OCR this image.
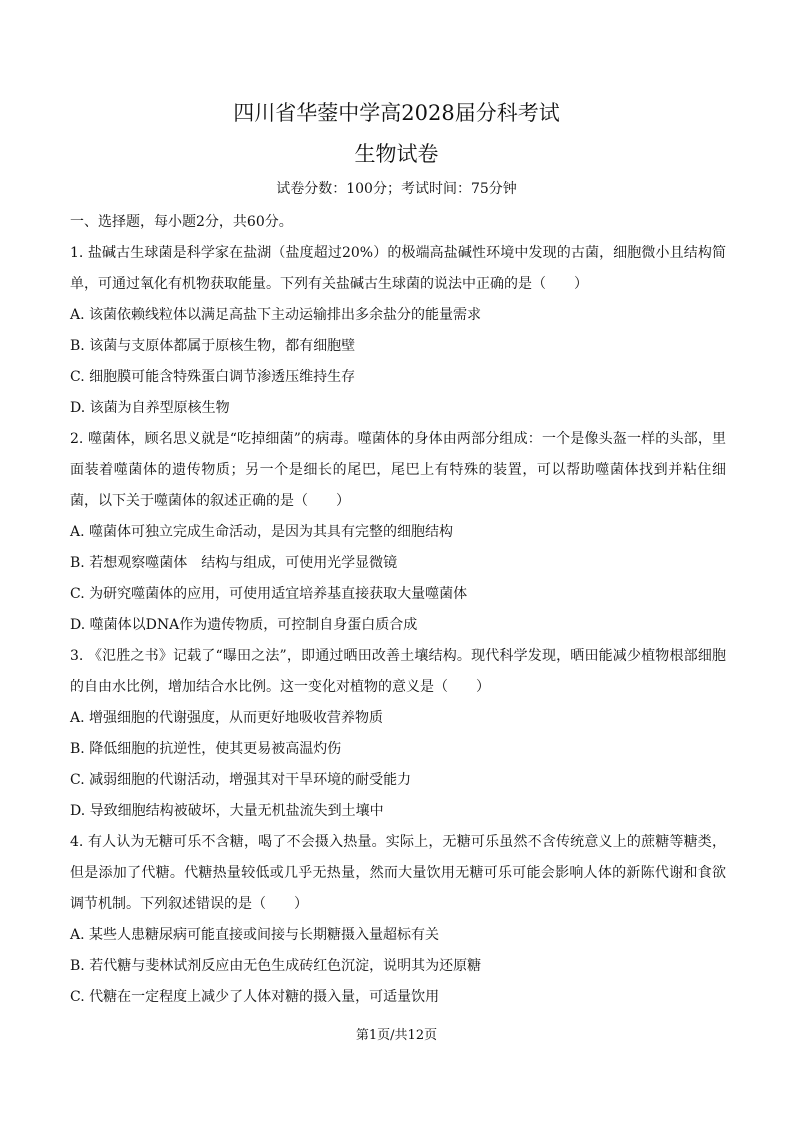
四川省华蓥中学高2028届分科考试
生物试卷
试卷分数：100分；考试时间：75分钟

一、选择题，每小题2分，共60分。

1. 盐碱古生球菌是科学家在盐湖（盐度超过20%）的极端高盐碱性环境中发现的古菌，细胞微小且结构简单，可通过氧化有机物获取能量。下列有关盐碱古生球菌的说法中正确的是（　　）

A. 该菌依赖线粒体以满足高盐下主动运输排出多余盐分的能量需求

B. 该菌与支原体都属于原核生物，都有细胞壁

C. 细胞膜可能含特殊蛋白调节渗透压维持生存

D. 该菌为自养型原核生物

2. 噬菌体，顾名思义就是“吃掉细菌”的病毒。噬菌体的身体由两部分组成：一个是像头盔一样的头部，里面装着噬菌体的遗传物质；另一个是细长的尾巴，尾巴上有特殊的装置，可以帮助噬菌体找到并粘住细菌，以下关于噬菌体的叙述正确的是（　　）

A. 噬菌体可独立完成生命活动，是因为其具有完整的细胞结构

B. 若想观察噬菌体　结构与组成，可使用光学显微镜

C. 为研究噬菌体的应用，可使用适宜培养基直接获取大量噬菌体

D. 噬菌体以DNA作为遗传物质，可控制自身蛋白质合成

3. 《氾胜之书》记载了“曝田之法”，即通过晒田改善土壤结构。现代科学发现，晒田能减少植物根部细胞的自由水比例，增加结合水比例。这一变化对植物的意义是（　　）

A. 增强细胞的代谢强度，从而更好地吸收营养物质

B. 降低细胞的抗逆性，使其更易被高温灼伤

C. 减弱细胞的代谢活动，增强其对干旱环境的耐受能力

D. 导致细胞结构被破坏，大量无机盐流失到土壤中

4. 有人认为无糖可乐不含糖，喝了不会摄入热量。实际上，无糖可乐虽然不含传统意义上的蔗糖等糖类，但是添加了代糖。代糖热量较低或几乎无热量，然而大量饮用无糖可乐可能会影响人体的新陈代谢和食欲调节机制。下列叙述错误的是（　　）

A. 某些人患糖尿病可能直接或间接与长期糖摄入量超标有关

B. 若代糖与斐林试剂反应由无色生成砖红色沉淀，说明其为还原糖

C. 代糖在一定程度上减少了人体对糖的摄入量，可适量饮用

第1页/共12页
